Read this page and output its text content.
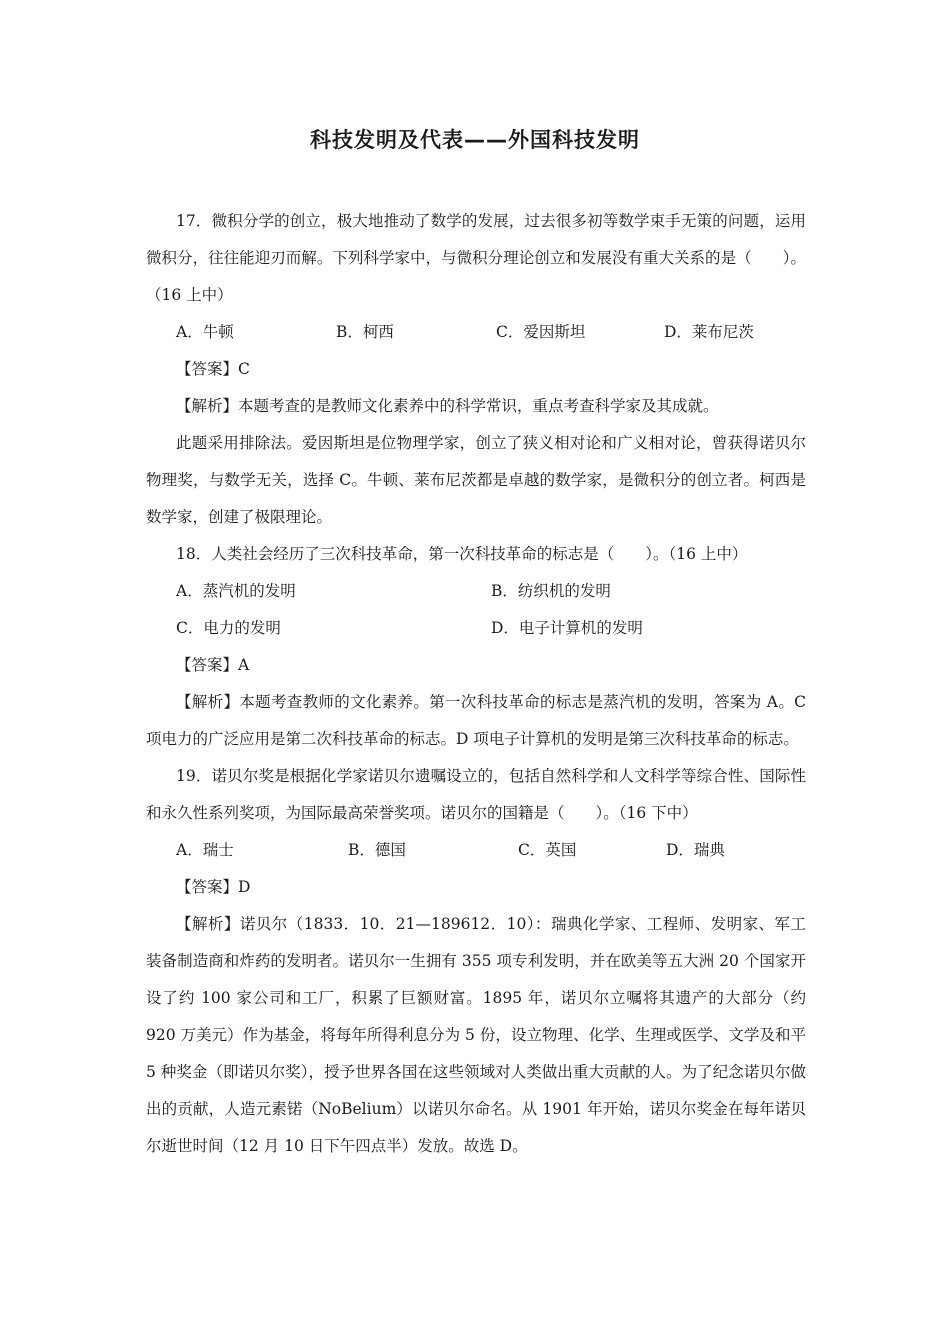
科技发明及代表——外国科技发明

17．微积分学的创立，极大地推动了数学的发展，过去很多初等数学束手无策的问题，运用微积分，往往能迎刃而解。下列科学家中，与微积分理论创立和发展没有重大关系的是（　　）。（16 上中）

A．牛顿	B．柯西	C．爱因斯坦	D．莱布尼茨

【答案】C

【解析】本题考查的是教师文化素养中的科学常识，重点考查科学家及其成就。

此题采用排除法。爱因斯坦是位物理学家，创立了狭义相对论和广义相对论，曾获得诺贝尔物理奖，与数学无关，选择 C。牛顿、莱布尼茨都是卓越的数学家，是微积分的创立者。柯西是数学家，创建了极限理论。

18．人类社会经历了三次科技革命，第一次科技革命的标志是（　　）。（16 上中）

A．蒸汽机的发明	B．纺织机的发明
C．电力的发明	D．电子计算机的发明

【答案】A

【解析】本题考查教师的文化素养。第一次科技革命的标志是蒸汽机的发明，答案为 A。C 项电力的广泛应用是第二次科技革命的标志。D 项电子计算机的发明是第三次科技革命的标志。

19．诺贝尔奖是根据化学家诺贝尔遗嘱设立的，包括自然科学和人文科学等综合性、国际性和永久性系列奖项，为国际最高荣誉奖项。诺贝尔的国籍是（　　）。（16 下中）

A．瑞士	B．德国	C．英国	D．瑞典

【答案】D

【解析】诺贝尔（1833．10．21—189612．10）：瑞典化学家、工程师、发明家、军工装备制造商和炸药的发明者。诺贝尔一生拥有 355 项专利发明，并在欧美等五大洲 20 个国家开设了约 100 家公司和工厂，积累了巨额财富。1895 年，诺贝尔立嘱将其遗产的大部分（约 920 万美元）作为基金，将每年所得利息分为 5 份，设立物理、化学、生理或医学、文学及和平 5 种奖金（即诺贝尔奖），授予世界各国在这些领域对人类做出重大贡献的人。为了纪念诺贝尔做出的贡献，人造元素锘（NoBelium）以诺贝尔命名。从 1901 年开始，诺贝尔奖金在每年诺贝尔逝世时间（12 月 10 日下午四点半）发放。故选 D。
